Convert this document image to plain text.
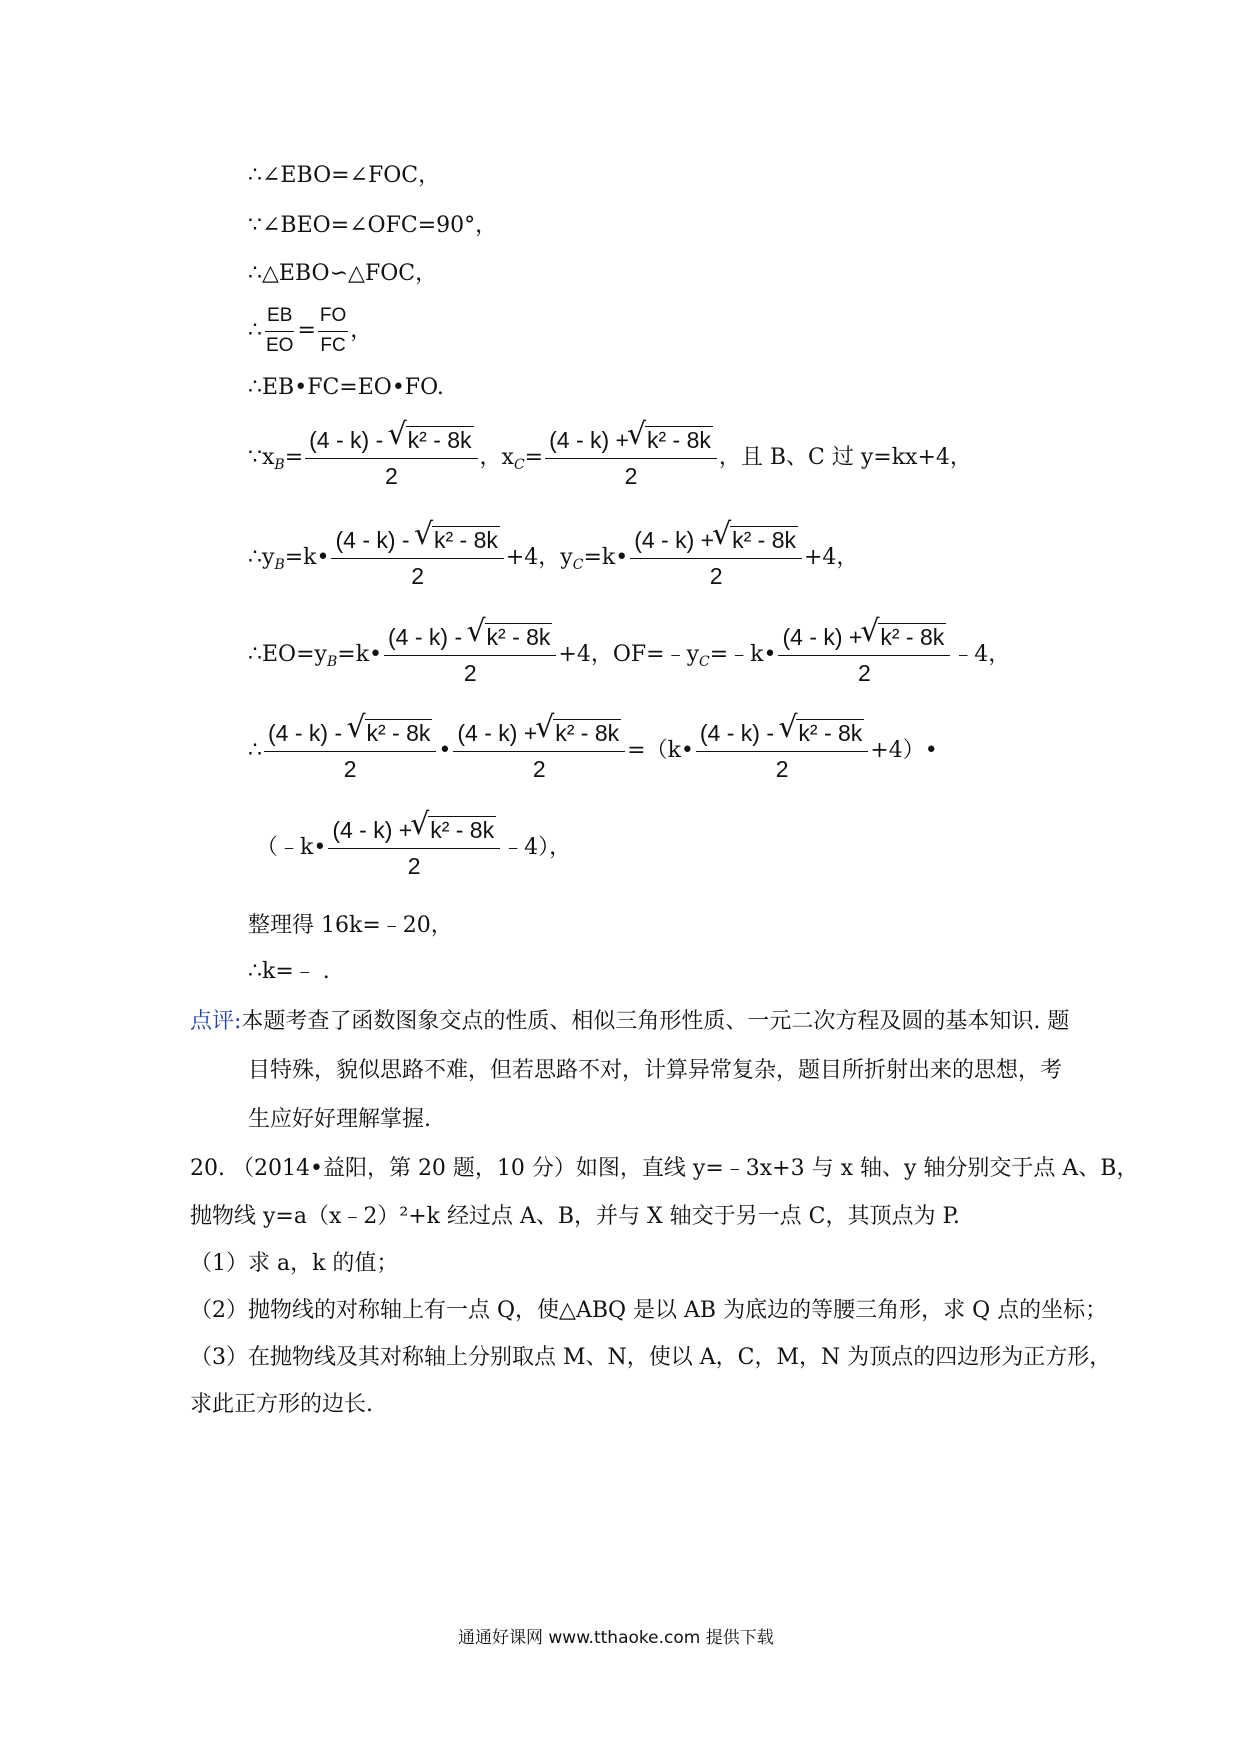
∴∠EBO=∠FOC，
∵∠BEO=∠OFC=90°，
∴△EBO∽△FOC，
∴ $\frac{EB}{EO} = \frac{FO}{FC}$ ，
∴EB•FC=EO•FO.
$\because x_B= \frac{\text{(4 - k) - √ k² - 8k}}{2}$ ，$x_C= \frac{\text{(4 - k) + √ k² - 8k}}{2}$ ，且 B、C 过 y=kx+4，
$\therefore y_B=k• \frac{\text{(4 - k) - √ k² - 8k}}{2} +4$，$y_C=k• \frac{\text{(4 - k) + √ k² - 8k}}{2} +4$，
$\therefore EO=y_B=k• \frac{\text{(4 - k) - √ k² - 8k}}{2} +4$，$OF=﹣y_C=﹣k• \frac{\text{(4 - k) + √ k² - 8k}}{2}$ ﹣4，
∴ $\frac{\text{(4 - k) - √ k² - 8k}}{2}$ • $\frac{\text{(4 - k) + √ k² - 8k}}{2}$ =（k• $\frac{\text{(4 - k) - √ k² - 8k}}{2}$ +4）•
（﹣k• $\frac{\text{(4 - k) + √ k² - 8k}}{2}$ ﹣4），
整理得 16k=﹣20，
∴k=﹣ .
点评:本题考查了函数图象交点的性质、相似三角形性质、一元二次方程及圆的基本知识. 题
目特殊，貌似思路不难，但若思路不对，计算异常复杂，题目所折射出来的思想，考
生应好好理解掌握.
20. （2014•益阳，第 20 题，10 分）如图，直线 y=﹣3x+3 与 x 轴、y 轴分别交于点 A、B，
抛物线 y=a（x﹣2）²+k 经过点 A、B，并与 X 轴交于另一点 C，其顶点为 P.
（1）求 a，k 的值；
（2）抛物线的对称轴上有一点 Q，使△ABQ 是以 AB 为底边的等腰三角形，求 Q 点的坐标；
（3）在抛物线及其对称轴上分别取点 M、N，使以 A，C，M，N 为顶点的四边形为正方形，
求此正方形的边长.
通通好课网 www.tthaoke.com 提供下载
